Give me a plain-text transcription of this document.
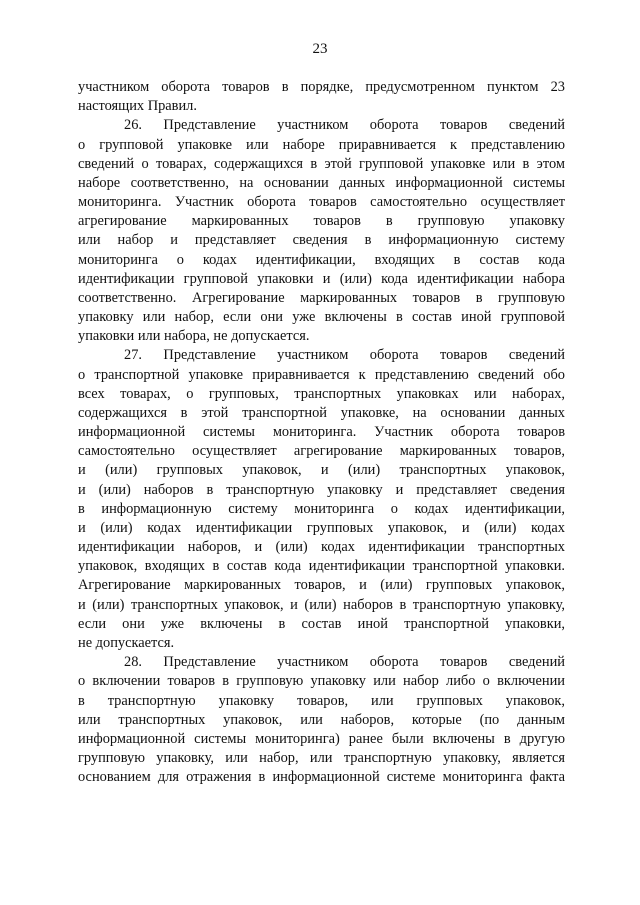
23
участником оборота товаров в порядке, предусмотренном пунктом 23
настоящих Правил.
26. Представление участником оборота товаров сведений
о групповой упаковке или наборе приравнивается к представлению
сведений о товарах, содержащихся в этой групповой упаковке или в этом
наборе соответственно, на основании данных информационной системы
мониторинга. Участник оборота товаров самостоятельно осуществляет
агрегирование маркированных товаров в групповую упаковку
или набор и представляет сведения в информационную систему
мониторинга о кодах идентификации, входящих в состав кода
идентификации групповой упаковки и (или) кода идентификации набора
соответственно. Агрегирование маркированных товаров в групповую
упаковку или набор, если они уже включены в состав иной групповой
упаковки или набора, не допускается.
27. Представление участником оборота товаров сведений
о транспортной упаковке приравнивается к представлению сведений обо
всех товарах, о групповых, транспортных упаковках или наборах,
содержащихся в этой транспортной упаковке, на основании данных
информационной системы мониторинга. Участник оборота товаров
самостоятельно осуществляет агрегирование маркированных товаров,
и (или) групповых упаковок, и (или) транспортных упаковок,
и (или) наборов в транспортную упаковку и представляет сведения
в информационную систему мониторинга о кодах идентификации,
и (или) кодах идентификации групповых упаковок, и (или) кодах
идентификации наборов, и (или) кодах идентификации транспортных
упаковок, входящих в состав кода идентификации транспортной упаковки.
Агрегирование маркированных товаров, и (или) групповых упаковок,
и (или) транспортных упаковок, и (или) наборов в транспортную упаковку,
если они уже включены в состав иной транспортной упаковки,
не допускается.
28. Представление участником оборота товаров сведений
о включении товаров в групповую упаковку или набор либо о включении
в транспортную упаковку товаров, или групповых упаковок,
или транспортных упаковок, или наборов, которые (по данным
информационной системы мониторинга) ранее были включены в другую
групповую упаковку, или набор, или транспортную упаковку, является
основанием для отражения в информационной системе мониторинга факта
